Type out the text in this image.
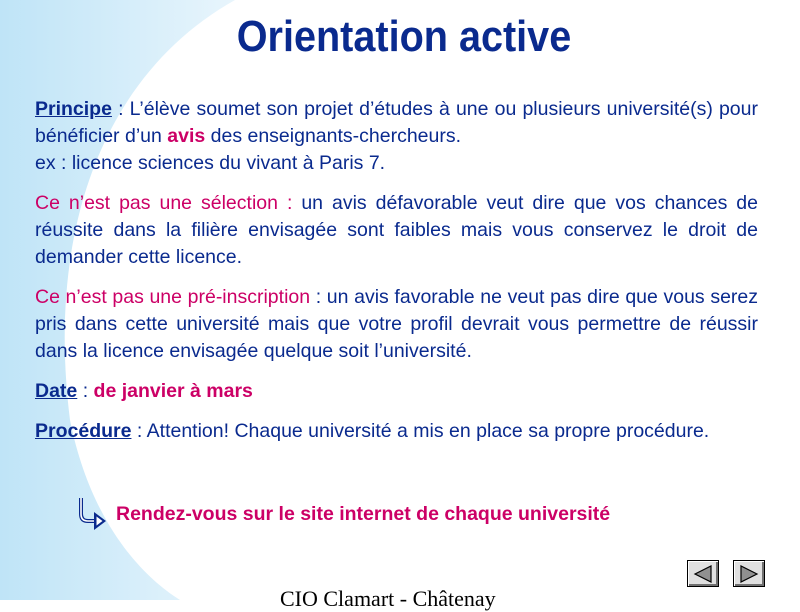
Orientation active

Principe : L’élève soumet son projet d’études à une ou plusieurs université(s) pour bénéficier d’un avis des enseignants-chercheurs.

ex : licence sciences du vivant à Paris 7.

Ce n’est pas une sélection : un avis défavorable veut dire que vos chances de réussite dans la filière envisagée sont faibles mais vous conservez le droit de demander cette licence.

Ce n’est pas une pré-inscription : un avis favorable ne veut pas dire que vous serez pris dans cette université mais que votre profil devrait vous permettre de réussir dans la licence envisagée quelque soit l’université.

Date : de janvier à mars

Procédure : Attention! Chaque université a mis en place sa propre procédure.

Rendez-vous sur le site internet de chaque université
CIO Clamart - Châtenay
